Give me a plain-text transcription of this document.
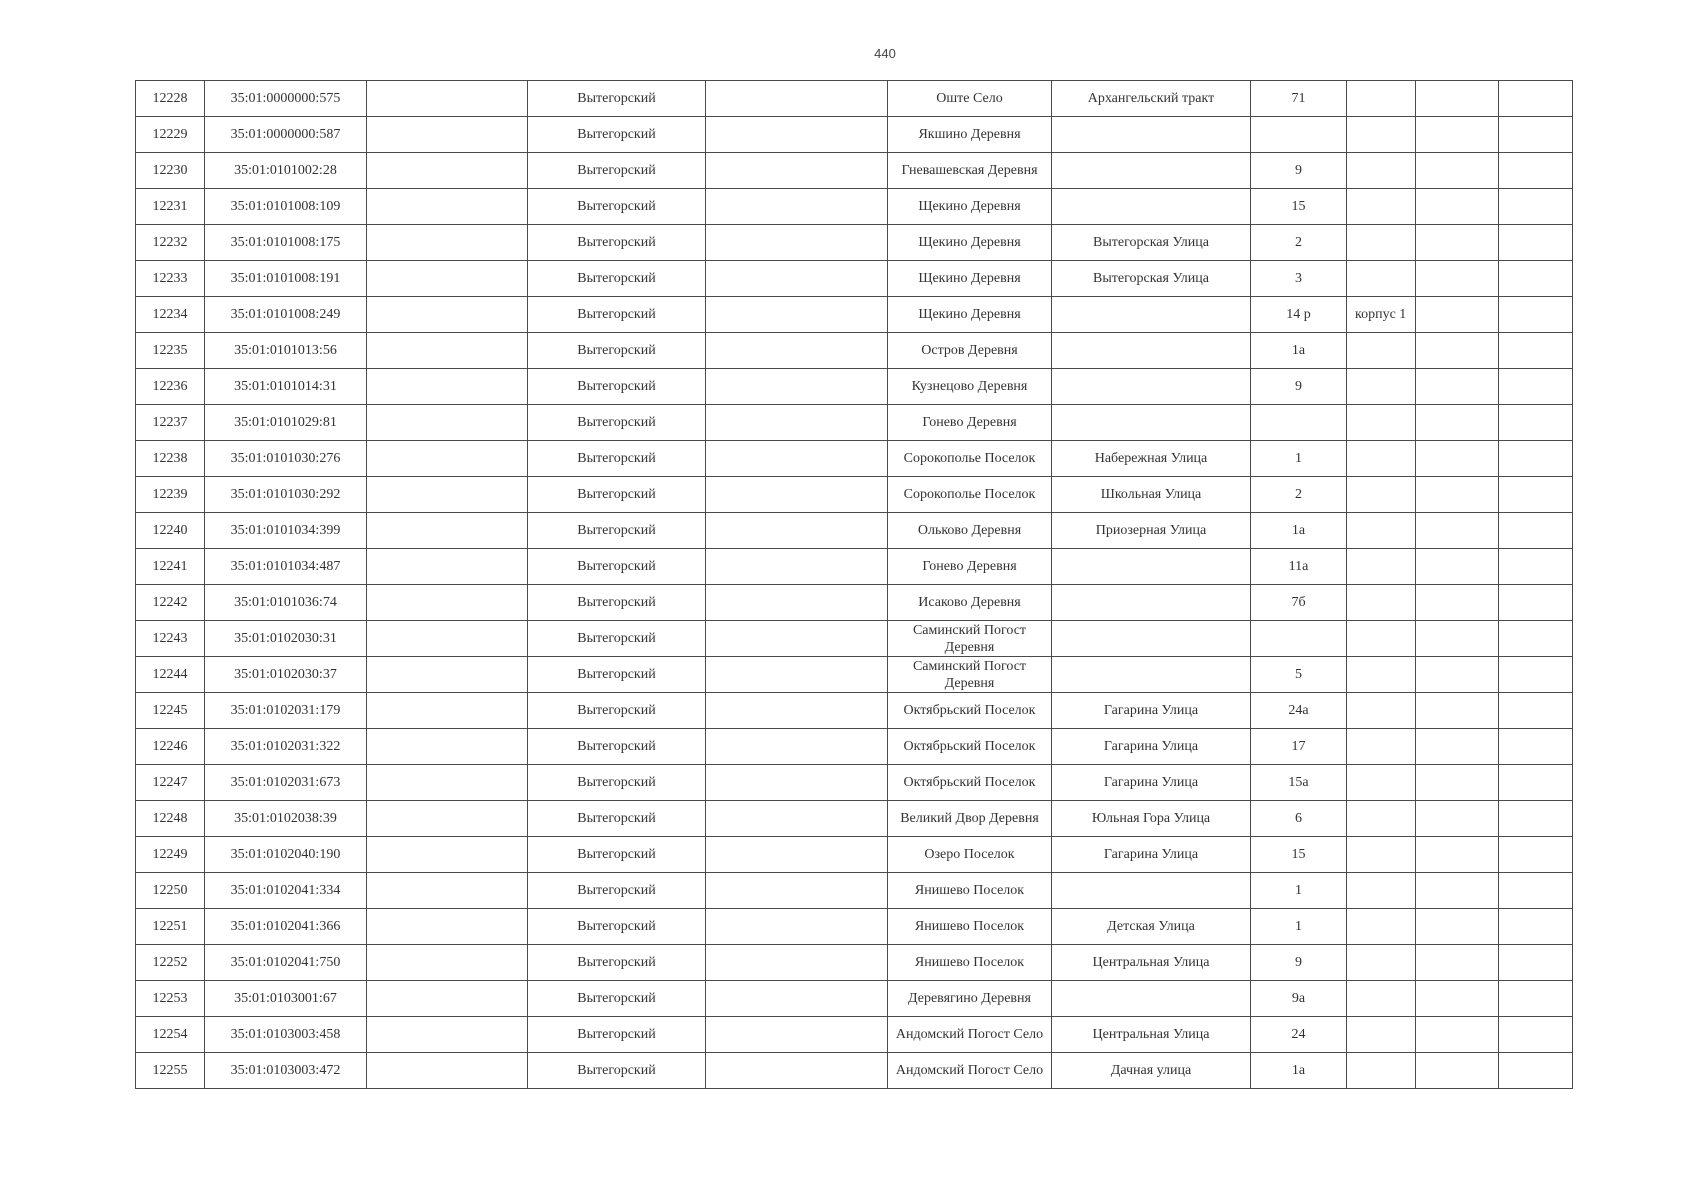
440
12228	35:01:0000000:575		Вытегорский		Оште Село	Архангельский тракт	71			
12229	35:01:0000000:587		Вытегорский		Якшино Деревня					
12230	35:01:0101002:28		Вытегорский		Гневашевская Деревня		9			
12231	35:01:0101008:109		Вытегорский		Щекино Деревня		15			
12232	35:01:0101008:175		Вытегорский		Щекино Деревня	Вытегорская Улица	2			
12233	35:01:0101008:191		Вытегорский		Щекино Деревня	Вытегорская Улица	3			
12234	35:01:0101008:249		Вытегорский		Щекино Деревня		14 р	корпус 1		
12235	35:01:0101013:56		Вытегорский		Остров Деревня		1а			
12236	35:01:0101014:31		Вытегорский		Кузнецово Деревня		9			
12237	35:01:0101029:81		Вытегорский		Гонево Деревня					
12238	35:01:0101030:276		Вытегорский		Сорокополье Поселок	Набережная Улица	1			
12239	35:01:0101030:292		Вытегорский		Сорокополье Поселок	Школьная Улица	2			
12240	35:01:0101034:399		Вытегорский		Ольково Деревня	Приозерная Улица	1а			
12241	35:01:0101034:487		Вытегорский		Гонево Деревня		11а			
12242	35:01:0101036:74		Вытегорский		Исаково Деревня		7б			
12243	35:01:0102030:31		Вытегорский		Саминский Погост Деревня					
12244	35:01:0102030:37		Вытегорский		Саминский Погост Деревня		5			
12245	35:01:0102031:179		Вытегорский		Октябрьский Поселок	Гагарина Улица	24а			
12246	35:01:0102031:322		Вытегорский		Октябрьский Поселок	Гагарина Улица	17			
12247	35:01:0102031:673		Вытегорский		Октябрьский Поселок	Гагарина Улица	15а			
12248	35:01:0102038:39		Вытегорский		Великий Двор Деревня	Юльная Гора Улица	6			
12249	35:01:0102040:190		Вытегорский		Озеро Поселок	Гагарина Улица	15			
12250	35:01:0102041:334		Вытегорский		Янишево Поселок		1			
12251	35:01:0102041:366		Вытегорский		Янишево Поселок	Детская Улица	1			
12252	35:01:0102041:750		Вытегорский		Янишево Поселок	Центральная Улица	9			
12253	35:01:0103001:67		Вытегорский		Деревягино Деревня		9а			
12254	35:01:0103003:458		Вытегорский		Андомский Погост Село	Центральная Улица	24			
12255	35:01:0103003:472		Вытегорский		Андомский Погост Село	Дачная улица	1а			
